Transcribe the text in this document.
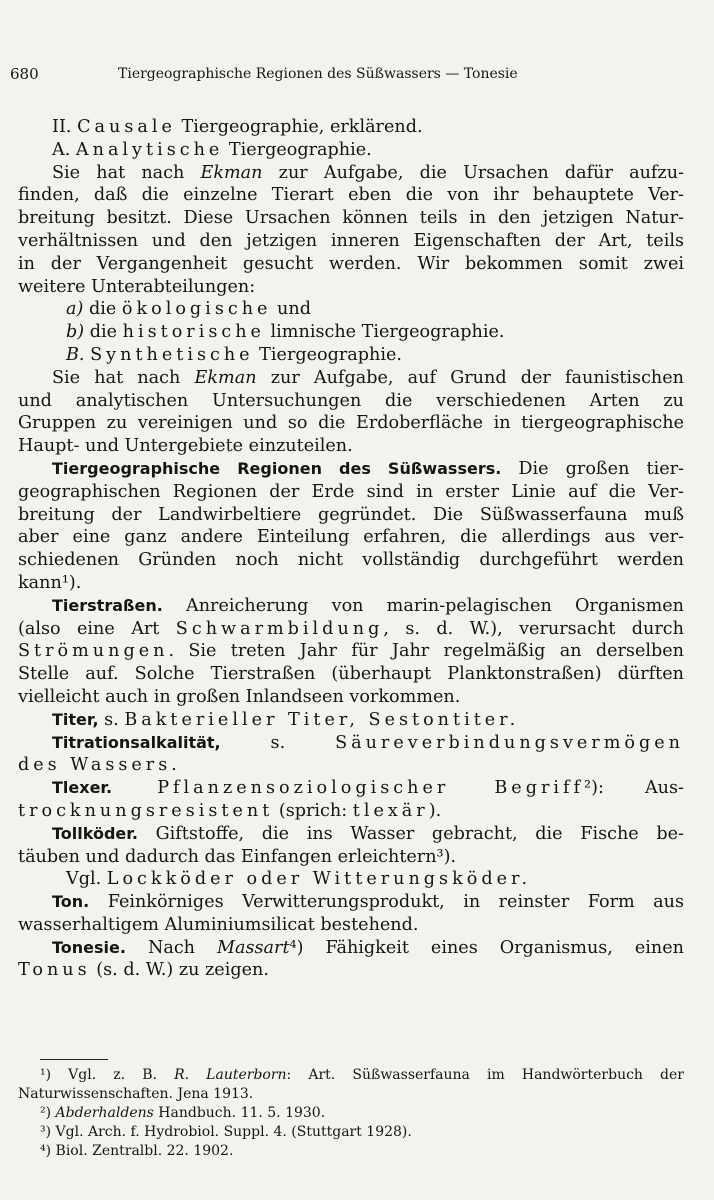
680	Tiergeographische Regionen des Süßwassers — Tonesie
II. Causale Tiergeographie, erklärend.
A. Analytische Tiergeographie.
Sie hat nach Ekman zur Aufgabe, die Ursachen dafür aufzu-
finden, daß die einzelne Tierart eben die von ihr behauptete Ver-
breitung besitzt. Diese Ursachen können teils in den jetzigen Natur-
verhältnissen und den jetzigen inneren Eigenschaften der Art, teils
in der Vergangenheit gesucht werden. Wir bekommen somit zwei
weitere Unterabteilungen:
a) die ökologische und
b) die historische limnische Tiergeographie.
B. Synthetische Tiergeographie.
Sie hat nach Ekman zur Aufgabe, auf Grund der faunistischen
und analytischen Untersuchungen die verschiedenen Arten zu
Gruppen zu vereinigen und so die Erdoberfläche in tiergeographische
Haupt- und Untergebiete einzuteilen.
Tiergeographische Regionen des Süßwassers. Die großen tier-
geographischen Regionen der Erde sind in erster Linie auf die Ver-
breitung der Landwirbeltiere gegründet. Die Süßwasserfauna muß
aber eine ganz andere Einteilung erfahren, die allerdings aus ver-
schiedenen Gründen noch nicht vollständig durchgeführt werden
kann¹).
Tierstraßen. Anreicherung von marin-pelagischen Organismen
(also eine Art Schwarmbildung, s. d. W.), verursacht durch
Strömungen. Sie treten Jahr für Jahr regelmäßig an derselben
Stelle auf. Solche Tierstraßen (überhaupt Planktonstraßen) dürften
vielleicht auch in großen Inlandseen vorkommen.
Titer, s. Bakterieller Titer, Sestontiter.
Titrationsalkalität, s. Säureverbindungsvermögen
des Wassers.
Tlexer. Pflanzensoziologischer Begriff²): Aus-
trocknungsresistent (sprich: tlexär).
Tollköder. Giftstoffe, die ins Wasser gebracht, die Fische be-
täuben und dadurch das Einfangen erleichtern³).
Vgl. Lockköder oder Witterungsköder.
Ton. Feinkörniges Verwitterungsprodukt, in reinster Form aus
wasserhaltigem Aluminiumsilicat bestehend.
Tonesie. Nach Massart⁴) Fähigkeit eines Organismus, einen
Tonus (s. d. W.) zu zeigen.
¹) Vgl. z. B. R. Lauterborn: Art. Süßwasserfauna im Handwörterbuch der
Naturwissenschaften. Jena 1913.
²) Abderhaldens Handbuch. 11. 5. 1930.
³) Vgl. Arch. f. Hydrobiol. Suppl. 4. (Stuttgart 1928).
⁴) Biol. Zentralbl. 22. 1902.
